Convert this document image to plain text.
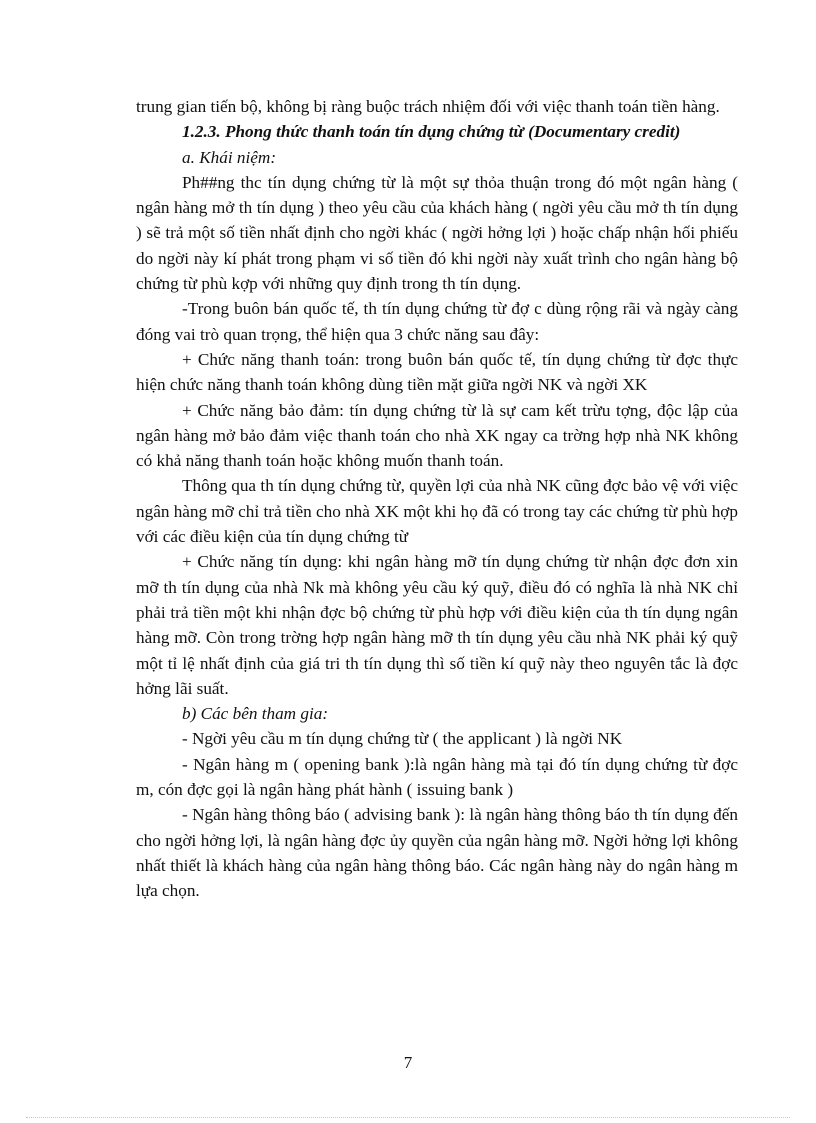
trung gian tiến bộ, không bị ràng buộc trách nhiệm đối với việc thanh toán tiền hàng.

1.2.3. Phong thức thanh toán tín dụng chứng từ (Documentary credit)

a. Khái niệm:

Ph##ng thc tín dụng chứng từ là một sự thỏa thuận trong đó một ngân hàng ( ngân hàng mở th tín dụng ) theo yêu cầu của khách hàng ( ngời yêu cầu mở th tín dụng ) sẽ trả một số tiền nhất định cho ngời khác ( ngời hởng lợi ) hoặc chấp nhận hối phiếu do ngời này kí phát trong phạm vi số tiền đó khi ngời này xuất trình cho ngân hàng bộ chứng từ phù kợp với những quy định trong th tín dụng.

-Trong buôn bán quốc tế, th tín dụng chứng từ đợ c dùng rộng rãi và ngày càng đóng vai trò quan trọng, thể hiện qua 3 chức năng sau đây:

+ Chức năng thanh toán: trong buôn bán quốc tế, tín dụng chứng từ đợc thực hiện chức năng thanh toán không dùng tiền mặt giữa ngời NK và ngời XK

+ Chức năng bảo đảm: tín dụng chứng từ là sự cam kết trừu tợng, độc lập của ngân hàng mở bảo đảm việc thanh toán cho nhà XK ngay ca trờng hợp nhà NK không có khả năng thanh toán hoặc không muốn thanh toán.

Thông qua th tín dụng chứng từ, quyền lợi của nhà NK cũng đợc bảo vệ với việc ngân hàng mỡ chỉ trả tiền cho nhà XK một khi họ đã có trong tay các chứng từ phù hợp với các điều kiện của tín dụng chứng từ

+ Chức năng tín dụng: khi ngân hàng mỡ tín dụng chứng từ nhận đợc đơn xin mỡ th tín dụng của nhà Nk mà không yêu cầu ký quỹ, điều đó có nghĩa là nhà NK chỉ phải trả tiền một khi nhận đợc bộ chứng từ phù hợp với điều kiện của th tín dụng ngân hàng mỡ. Còn trong trờng hợp ngân hàng mỡ th tín dụng yêu cầu nhà NK phải ký quỹ một tỉ lệ nhất định của giá tri th tín dụng thì số tiền kí quỹ này theo nguyên tắc là đợc hởng lãi suất.

b) Các bên tham gia:

- Ngời yêu cầu m tín dụng chứng từ ( the applicant ) là ngời NK

- Ngân hàng m ( opening bank ):là ngân hàng mà tại đó tín dụng chứng từ đợc m, cón đợc gọi là ngân hàng phát hành ( issuing bank )

- Ngân hàng thông báo ( advising bank ): là ngân hàng thông báo th tín dụng đến cho ngời hởng lợi, là ngân hàng đợc ủy quyền của ngân hàng mỡ. Ngời hởng lợi không nhất thiết là khách hàng của ngân hàng thông báo. Các ngân hàng này do ngân hàng m lựa chọn.

7
